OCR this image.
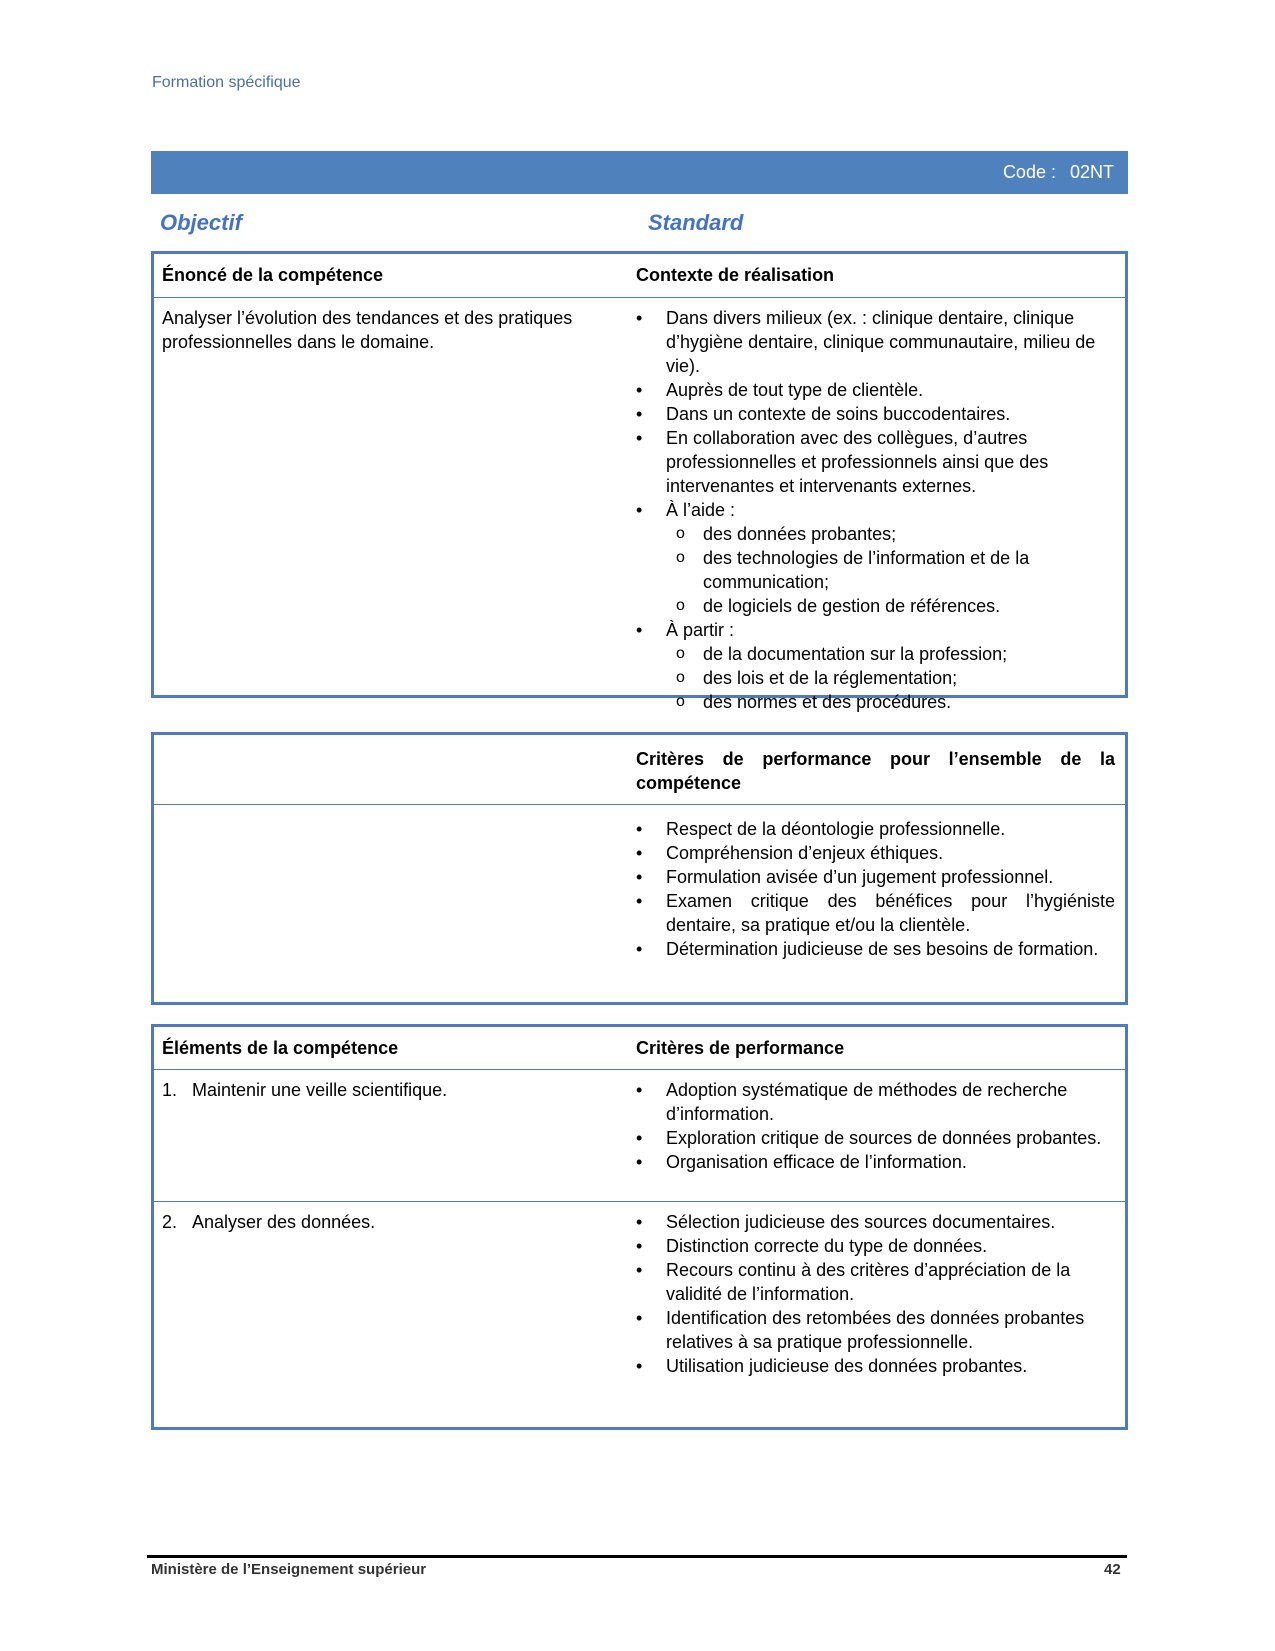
Formation spécifique
Code : 02NT
Objectif	Standard
Énoncé de la compétence	Contexte de réalisation
Analyser l’évolution des tendances et des pratiques professionnelles dans le domaine.
• Dans divers milieux (ex. : clinique dentaire, clinique d’hygiène dentaire, clinique communautaire, milieu de vie).
• Auprès de tout type de clientèle.
• Dans un contexte de soins buccodentaires.
• En collaboration avec des collègues, d’autres professionnelles et professionnels ainsi que des intervenantes et intervenants externes.
• À l’aide :
o des données probantes;
o des technologies de l’information et de la communication;
o de logiciels de gestion de références.
• À partir :
o de la documentation sur la profession;
o des lois et de la réglementation;
o des normes et des procédures.
Critères de performance pour l’ensemble de la compétence
• Respect de la déontologie professionnelle.
• Compréhension d’enjeux éthiques.
• Formulation avisée d’un jugement professionnel.
• Examen critique des bénéfices pour l’hygiéniste dentaire, sa pratique et/ou la clientèle.
• Détermination judicieuse de ses besoins de formation.
Éléments de la compétence	Critères de performance
1. Maintenir une veille scientifique.	• Adoption systématique de méthodes de recherche d’information.
• Exploration critique de sources de données probantes.
• Organisation efficace de l’information.
2. Analyser des données.	• Sélection judicieuse des sources documentaires.
• Distinction correcte du type de données.
• Recours continu à des critères d’appréciation de la validité de l’information.
• Identification des retombées des données probantes relatives à sa pratique professionnelle.
• Utilisation judicieuse des données probantes.
Ministère de l’Enseignement supérieur	42
